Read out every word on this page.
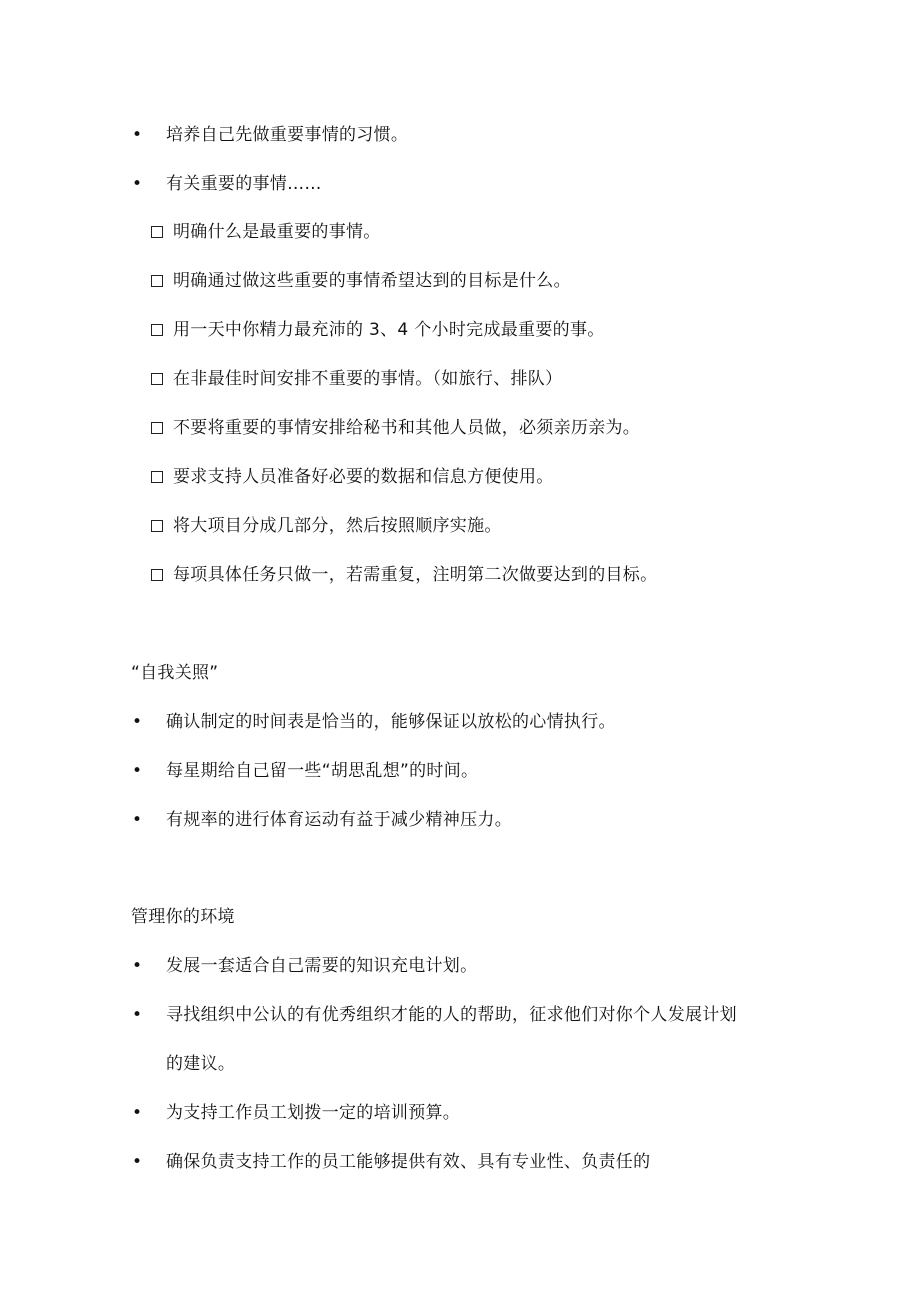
• 培养自己先做重要事情的习惯。
• 有关重要的事情……
明确什么是最重要的事情。
明确通过做这些重要的事情希望达到的目标是什么。
用一天中你精力最充沛的 3、4 个小时完成最重要的事。
在非最佳时间安排不重要的事情。（如旅行、排队）
不要将重要的事情安排给秘书和其他人员做，必须亲历亲为。
要求支持人员准备好必要的数据和信息方便使用。
将大项目分成几部分，然后按照顺序实施。
每项具体任务只做一，若需重复，注明第二次做要达到的目标。
“自我关照”
• 确认制定的时间表是恰当的，能够保证以放松的心情执行。
• 每星期给自己留一些“胡思乱想”的时间。
• 有规率的进行体育运动有益于减少精神压力。
管理你的环境
• 发展一套适合自己需要的知识充电计划。
• 寻找组织中公认的有优秀组织才能的人的帮助，征求他们对你个人发展计划
的建议。
• 为支持工作员工划拨一定的培训预算。
• 确保负责支持工作的员工能够提供有效、具有专业性、负责任的
